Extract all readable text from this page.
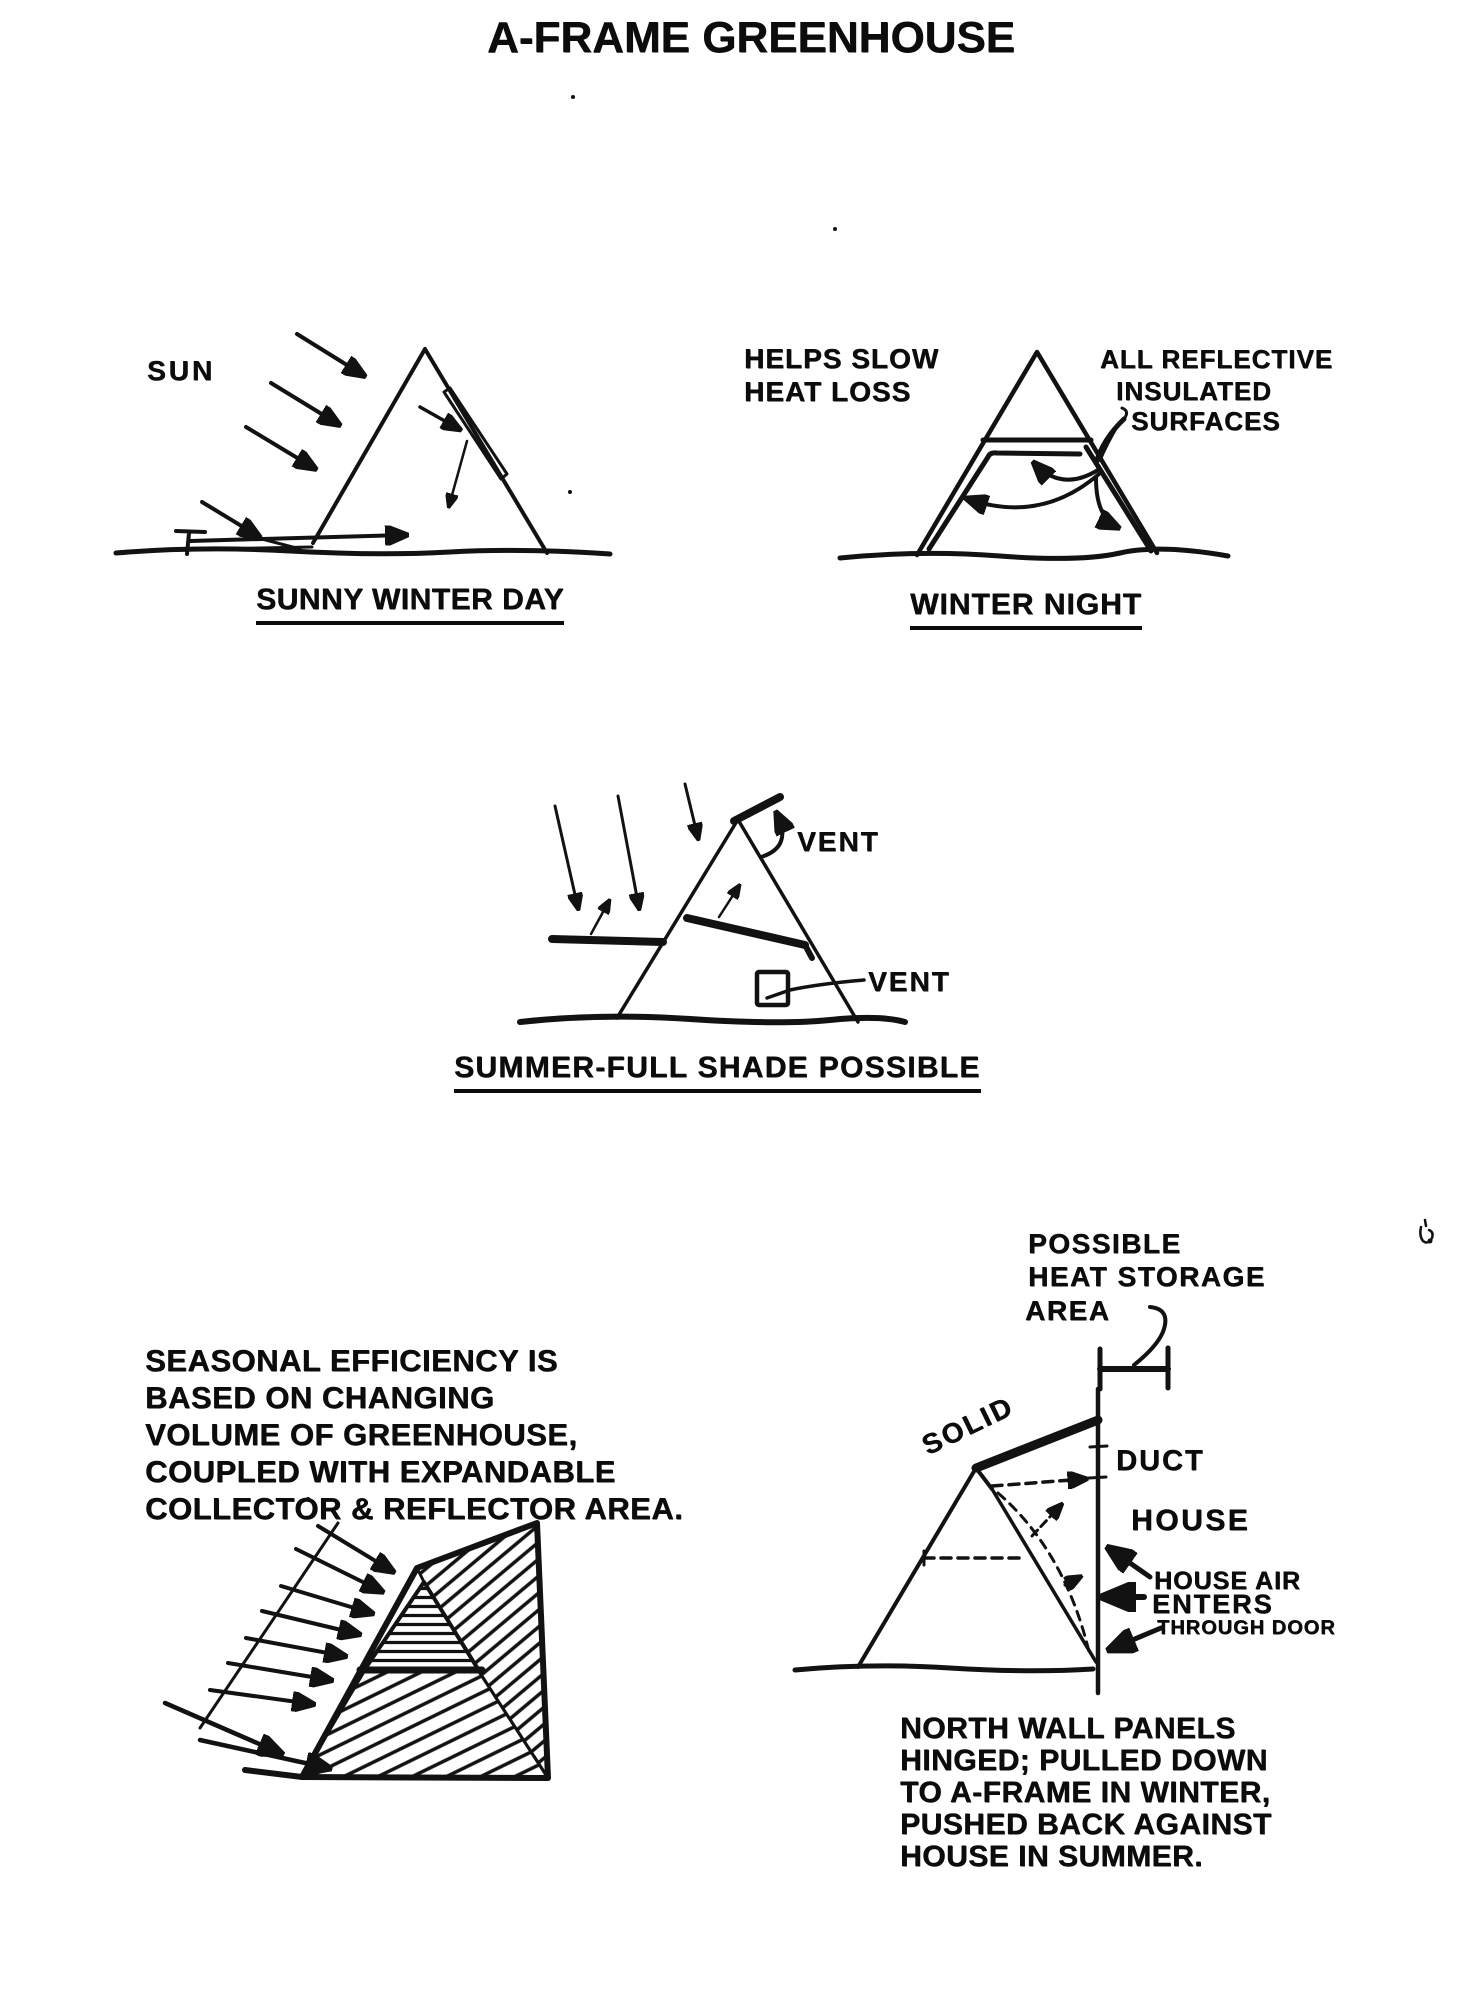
A-FRAME GREENHOUSE
SUN
SUNNY WINTER DAY
HELPS SLOW
HEAT LOSS
ALL REFLECTIVE
INSULATED
SURFACES
WINTER NIGHT
VENT
VENT
SUMMER-FULL SHADE POSSIBLE
SEASONAL EFFICIENCY IS
BASED ON CHANGING
VOLUME OF GREENHOUSE,
COUPLED WITH EXPANDABLE
COLLECTOR & REFLECTOR AREA.
POSSIBLE
HEAT STORAGE
AREA
SOLID
DUCT
HOUSE
HOUSE AIR
ENTERS
THROUGH DOOR
NORTH WALL PANELS
HINGED; PULLED DOWN
TO A-FRAME IN WINTER,
PUSHED BACK AGAINST
HOUSE IN SUMMER.
